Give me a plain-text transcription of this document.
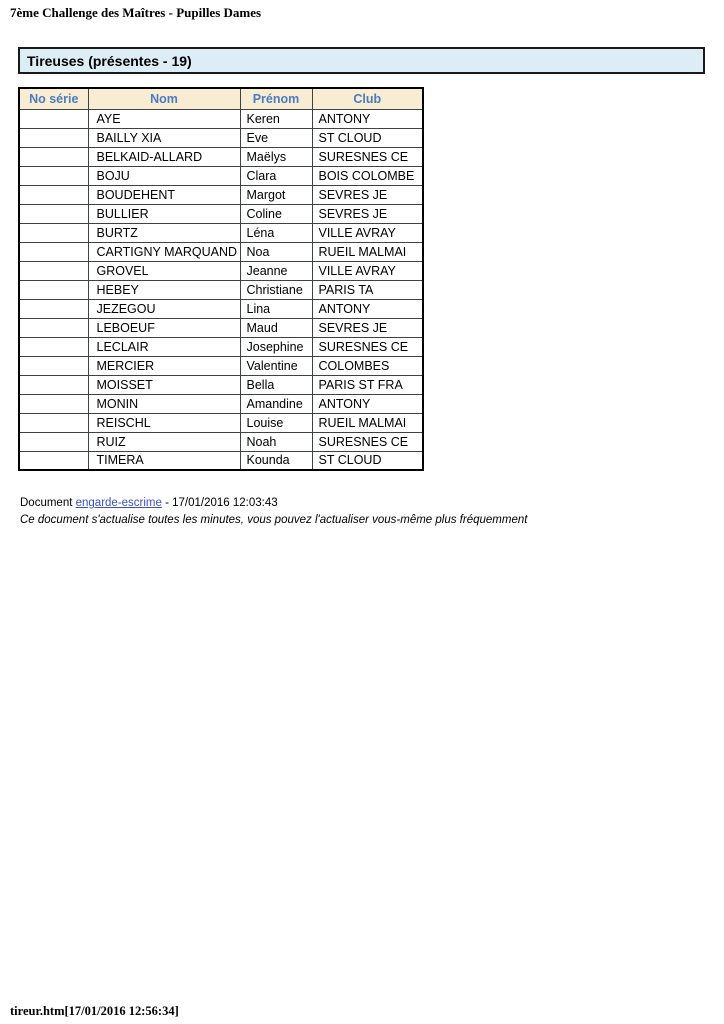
7ème Challenge des Maîtres - Pupilles Dames
Tireuses (présentes - 19)
No série	Nom	Prénom	Club
	AYE	Keren	ANTONY
	BAILLY XIA	Eve	ST CLOUD
	BELKAID-ALLARD	Maëlys	SURESNES CE
	BOJU	Clara	BOIS COLOMBE
	BOUDEHENT	Margot	SEVRES JE
	BULLIER	Coline	SEVRES JE
	BURTZ	Léna	VILLE AVRAY
	CARTIGNY MARQUAND	Noa	RUEIL MALMAI
	GROVEL	Jeanne	VILLE AVRAY
	HEBEY	Christiane	PARIS TA
	JEZEGOU	Lina	ANTONY
	LEBOEUF	Maud	SEVRES JE
	LECLAIR	Josephine	SURESNES CE
	MERCIER	Valentine	COLOMBES
	MOISSET	Bella	PARIS ST FRA
	MONIN	Amandine	ANTONY
	REISCHL	Louise	RUEIL MALMAI
	RUIZ	Noah	SURESNES CE
	TIMERA	Kounda	ST CLOUD
Document engarde-escrime - 17/01/2016 12:03:43
Ce document s'actualise toutes les minutes, vous pouvez l'actualiser vous-même plus fréquemment
tireur.htm[17/01/2016 12:56:34]
